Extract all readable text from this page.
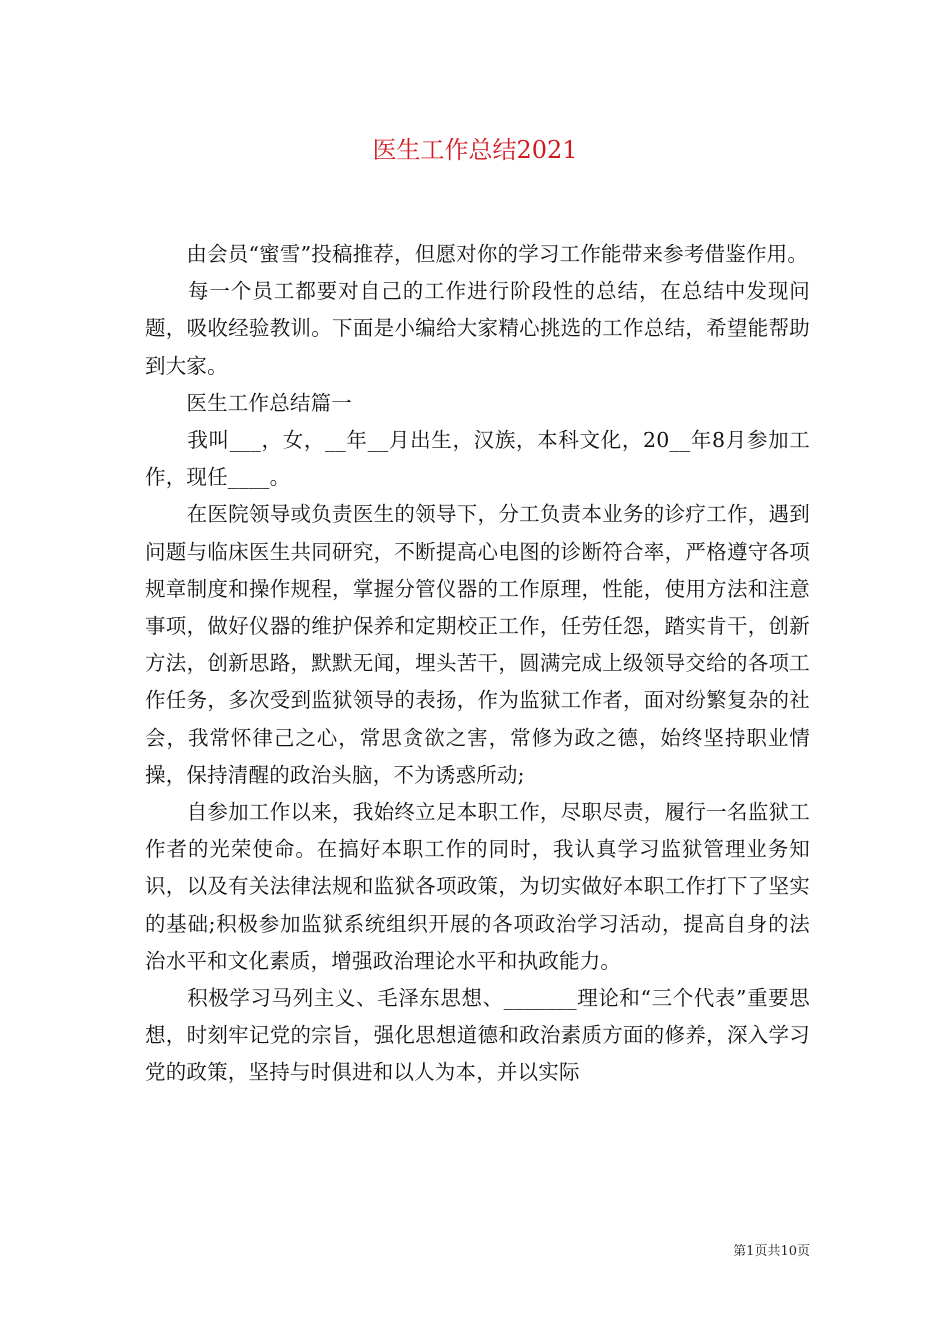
医生工作总结2021

　　由会员“蜜雪”投稿推荐，但愿对你的学习工作能带来参考借鉴作用。

　　每一个员工都要对自己的工作进行阶段性的总结，在总结中发现问题，吸收经验教训。下面是小编给大家精心挑选的工作总结，希望能帮助到大家。

　　医生工作总结篇一

　　我叫___，女，__年__月出生，汉族，本科文化，20__年8月参加工作，现任____。

　　在医院领导或负责医生的领导下，分工负责本业务的诊疗工作，遇到问题与临床医生共同研究，不断提高心电图的诊断符合率，严格遵守各项规章制度和操作规程，掌握分管仪器的工作原理，性能，使用方法和注意事项，做好仪器的维护保养和定期校正工作，任劳任怨，踏实肯干，创新方法，创新思路，默默无闻，埋头苦干，圆满完成上级领导交给的各项工作任务，多次受到监狱领导的表扬，作为监狱工作者，面对纷繁复杂的社会，我常怀律己之心，常思贪欲之害，常修为政之德，始终坚持职业情操，保持清醒的政治头脑，不为诱惑所动;

　　自参加工作以来，我始终立足本职工作，尽职尽责，履行一名监狱工作者的光荣使命。在搞好本职工作的同时，我认真学习监狱管理业务知识，以及有关法律法规和监狱各项政策，为切实做好本职工作打下了坚实的基础;积极参加监狱系统组织开展的各项政治学习活动，提高自身的法治水平和文化素质，增强政治理论水平和执政能力。

　　积极学习马列主义、毛泽东思想、_______理论和“三个代表”重要思想，时刻牢记党的宗旨，强化思想道德和政治素质方面的修养，深入学习党的政策，坚持与时俱进和以人为本，并以实际

第1页共10页
